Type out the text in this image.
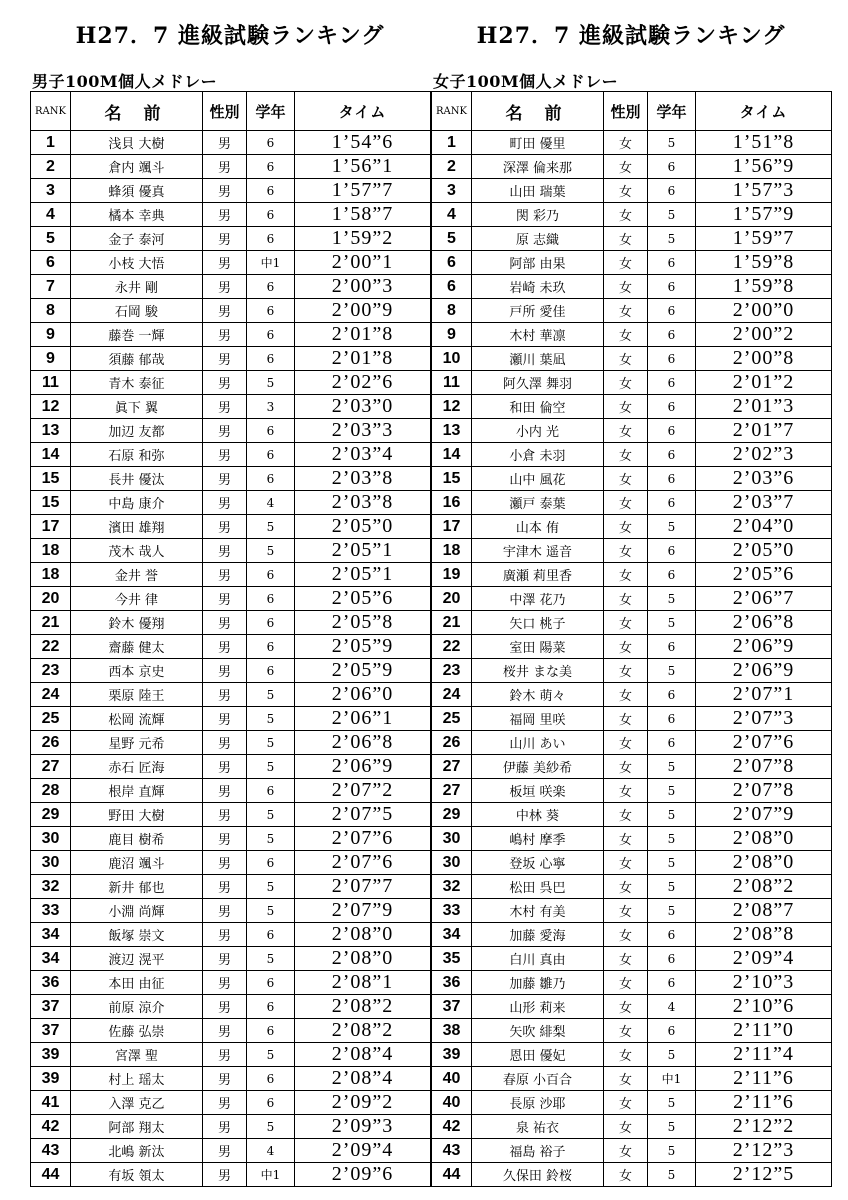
H27．7 進級試験ランキング
男子100M個人メドレー
RANK	名 前	性別	学年	タイム
1	浅貝 大樹	男	6	1’54”6
2	倉内 颯斗	男	6	1’56”1
3	蜂須 優真	男	6	1’57”7
4	橘本 幸典	男	6	1’58”7
5	金子 泰河	男	6	1’59”2
6	小枝 大悟	男	中1	2’00”1
7	永井 剛	男	6	2’00”3
8	石岡 駿	男	6	2’00”9
9	藤巻 一輝	男	6	2’01”8
9	須藤 郁哉	男	6	2’01”8
11	青木 泰征	男	5	2’02”6
12	眞下 翼	男	3	2’03”0
13	加辺 友都	男	6	2’03”3
14	石原 和弥	男	6	2’03”4
15	長井 優汰	男	6	2’03”8
15	中島 康介	男	4	2’03”8
17	濱田 雄翔	男	5	2’05”0
18	茂木 哉人	男	5	2’05”1
18	金井 誉	男	6	2’05”1
20	今井 律	男	6	2’05”6
21	鈴木 優翔	男	6	2’05”8
22	齋藤 健太	男	6	2’05”9
23	西本 京史	男	6	2’05”9
24	栗原 陸王	男	5	2’06”0
25	松岡 流輝	男	5	2’06”1
26	星野 元希	男	5	2’06”8
27	赤石 匠海	男	5	2’06”9
28	根岸 直輝	男	6	2’07”2
29	野田 大樹	男	5	2’07”5
30	鹿目 樹希	男	5	2’07”6
30	鹿沼 颯斗	男	6	2’07”6
32	新井 郁也	男	5	2’07”7
33	小淵 尚輝	男	5	2’07”9
34	飯塚 崇文	男	6	2’08”0
34	渡辺 滉平	男	5	2’08”0
36	本田 由征	男	6	2’08”1
37	前原 涼介	男	6	2’08”2
37	佐藤 弘崇	男	6	2’08”2
39	宮澤 聖	男	5	2’08”4
39	村上 瑶太	男	6	2’08”4
41	入澤 克乙	男	6	2’09”2
42	阿部 翔太	男	5	2’09”3
43	北嶋 新汰	男	4	2’09”4
44	有坂 領太	男	中1	2’09”6
H27．7 進級試験ランキング
女子100M個人メドレー
RANK	名 前	性別	学年	タイム
1	町田 優里	女	5	1’51”8
2	深澤 倫来那	女	6	1’56”9
3	山田 瑞葉	女	6	1’57”3
4	関 彩乃	女	5	1’57”9
5	原 志織	女	5	1’59”7
6	阿部 由果	女	6	1’59”8
6	岩崎 未玖	女	6	1’59”8
8	戸所 愛佳	女	6	2’00”0
9	木村 華凛	女	6	2’00”2
10	瀬川 葉凪	女	6	2’00”8
11	阿久澤 舞羽	女	6	2’01”2
12	和田 倫空	女	6	2’01”3
13	小内 光	女	6	2’01”7
14	小倉 未羽	女	6	2’02”3
15	山中 風花	女	6	2’03”6
16	瀬戸 泰葉	女	6	2’03”7
17	山本 侑	女	5	2’04”0
18	宇津木 遥音	女	6	2’05”0
19	廣瀬 莉里香	女	6	2’05”6
20	中澤 花乃	女	5	2’06”7
21	矢口 桃子	女	5	2’06”8
22	室田 陽菜	女	6	2’06”9
23	桜井 まな美	女	5	2’06”9
24	鈴木 萌々	女	6	2’07”1
25	福岡 里咲	女	6	2’07”3
26	山川 あい	女	6	2’07”6
27	伊藤 美紗希	女	5	2’07”8
27	板垣 咲楽	女	5	2’07”8
29	中林 葵	女	5	2’07”9
30	嶋村 摩季	女	5	2’08”0
30	登坂 心寧	女	5	2’08”0
32	松田 呉巴	女	5	2’08”2
33	木村 有美	女	5	2’08”7
34	加藤 愛海	女	6	2’08”8
35	白川 真由	女	6	2’09”4
36	加藤 雛乃	女	6	2’10”3
37	山形 莉来	女	4	2’10”6
38	矢吹 緋梨	女	6	2’11”0
39	恩田 優妃	女	5	2’11”4
40	春原 小百合	女	中1	2’11”6
40	長原 沙耶	女	5	2’11”6
42	泉 祐衣	女	5	2’12”2
43	福島 裕子	女	5	2’12”3
44	久保田 鈴桜	女	5	2’12”5
